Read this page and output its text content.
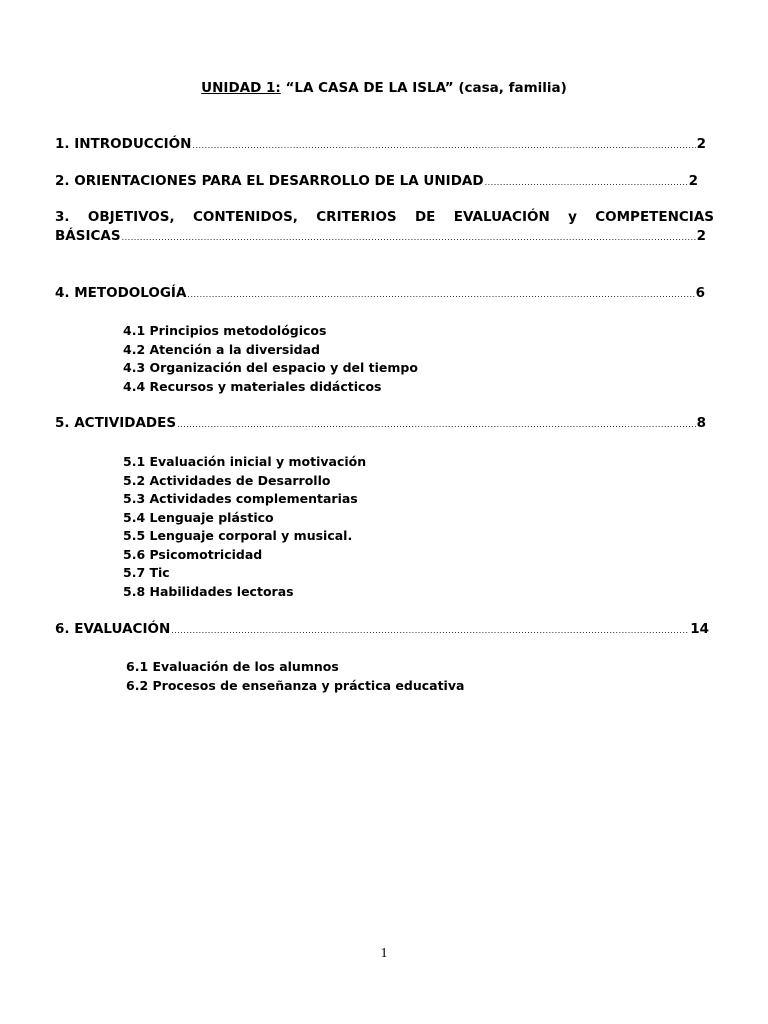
UNIDAD 1: “LA CASA DE LA ISLA” (casa, familia)
1. INTRODUCCIÓN .....	2
2. ORIENTACIONES PARA EL DESARROLLO DE LA UNIDAD .....	2
3. OBJETIVOS, CONTENIDOS, CRITERIOS DE EVALUACIÓN y COMPETENCIAS
BÁSICAS .....	2
4. METODOLOGÍA .....	6
4.1 Principios metodológicos
4.2 Atención a la diversidad
4.3 Organización del espacio y del tiempo
4.4 Recursos y materiales didácticos
5. ACTIVIDADES .....	8
5.1 Evaluación inicial y motivación
5.2 Actividades de Desarrollo
5.3 Actividades complementarias
5.4 Lenguaje plástico
5.5 Lenguaje corporal y musical.
5.6 Psicomotricidad
5.7 Tic
5.8 Habilidades lectoras
6. EVALUACIÓN .....	14
6.1 Evaluación de los alumnos
6.2 Procesos de enseñanza y práctica educativa
1
